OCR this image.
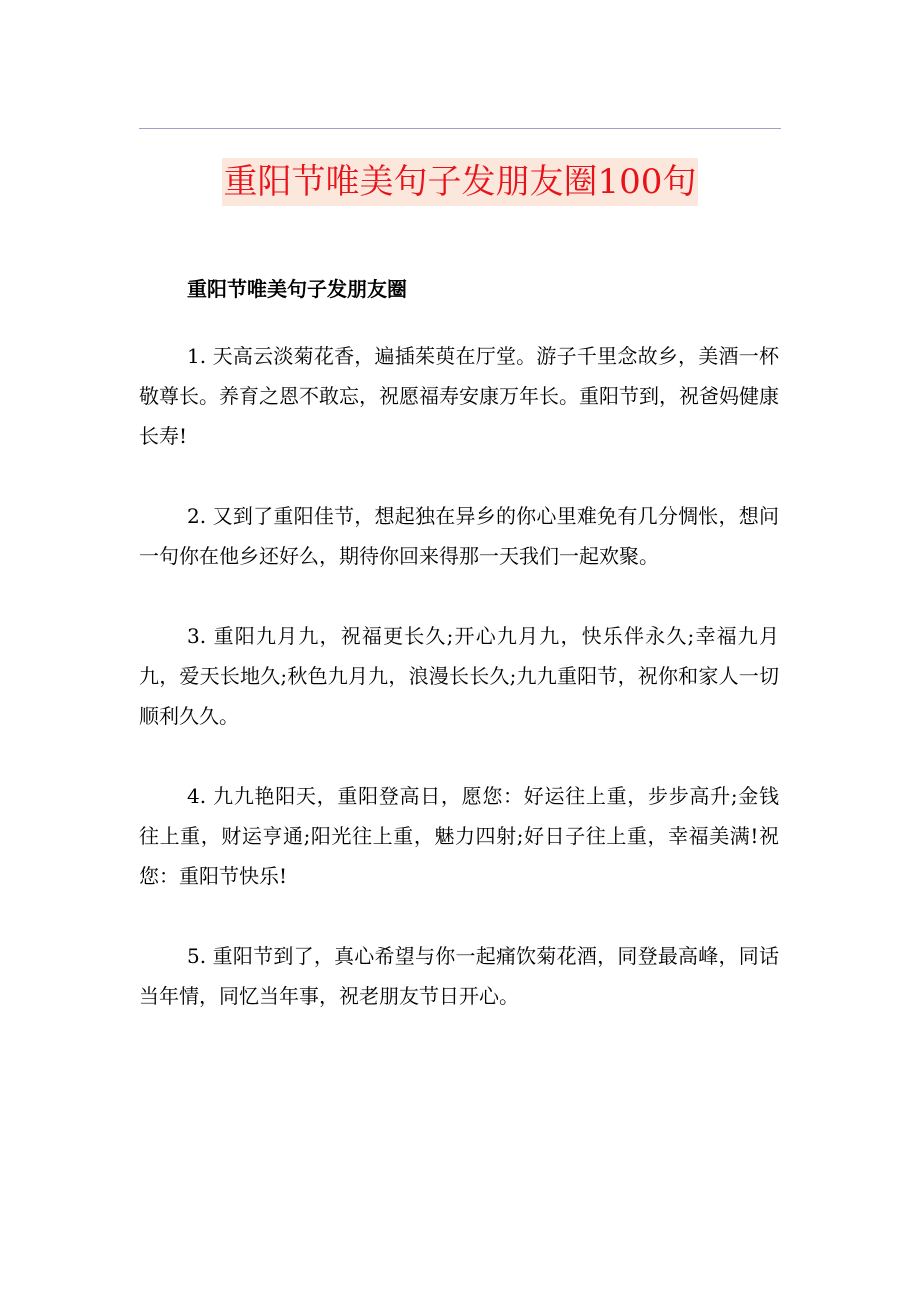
重阳节唯美句子发朋友圈100句
重阳节唯美句子发朋友圈

1. 天高云淡菊花香，遍插茱萸在厅堂。游子千里念故乡，美酒一杯敬尊长。养育之恩不敢忘，祝愿福寿安康万年长。重阳节到，祝爸妈健康长寿!

2. 又到了重阳佳节，想起独在异乡的你心里难免有几分惆怅，想问一句你在他乡还好么，期待你回来得那一天我们一起欢聚。

3. 重阳九月九，祝福更长久;开心九月九，快乐伴永久;幸福九月九，爱天长地久;秋色九月九，浪漫长长久;九九重阳节，祝你和家人一切顺利久久。

4. 九九艳阳天，重阳登高日，愿您：好运往上重，步步高升;金钱往上重，财运亨通;阳光往上重，魅力四射;好日子往上重，幸福美满!祝您：重阳节快乐!

5. 重阳节到了，真心希望与你一起痛饮菊花酒，同登最高峰，同话当年情，同忆当年事，祝老朋友节日开心。
